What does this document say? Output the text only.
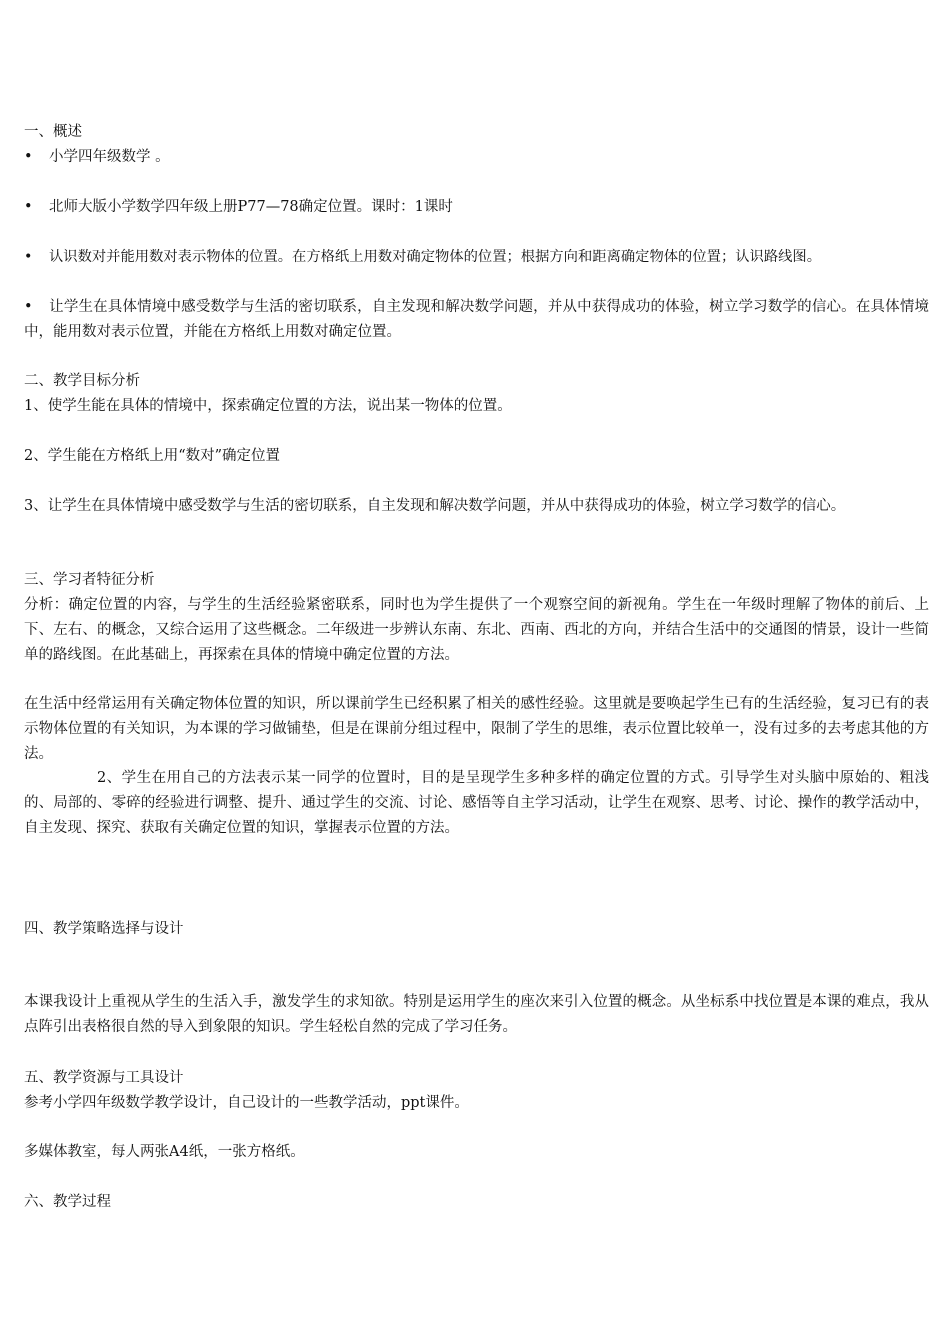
一、概述

• 小学四年级数学 。

• 北师大版小学数学四年级上册P77—78确定位置。课时：1课时

• 认识数对并能用数对表示物体的位置。在方格纸上用数对确定物体的位置；根据方向和距离确定物体的位置；认识路线图。

• 让学生在具体情境中感受数学与生活的密切联系，自主发现和解决数学问题，并从中获得成功的体验，树立学习数学的信心。在具体情境中，能用数对表示位置，并能在方格纸上用数对确定位置。

二、教学目标分析

1、使学生能在具体的情境中，探索确定位置的方法，说出某一物体的位置。

2、学生能在方格纸上用“数对”确定位置

3、让学生在具体情境中感受数学与生活的密切联系，自主发现和解决数学问题，并从中获得成功的体验，树立学习数学的信心。

三、学习者特征分析

分析：确定位置的内容，与学生的生活经验紧密联系，同时也为学生提供了一个观察空间的新视角。学生在一年级时理解了物体的前后、上下、左右、的概念，又综合运用了这些概念。二年级进一步辨认东南、东北、西南、西北的方向，并结合生活中的交通图的情景，设计一些简单的路线图。在此基础上，再探索在具体的情境中确定位置的方法。

在生活中经常运用有关确定物体位置的知识，所以课前学生已经积累了相关的感性经验。这里就是要唤起学生已有的生活经验，复习已有的表示物体位置的有关知识，为本课的学习做铺垫，但是在课前分组过程中，限制了学生的思维，表示位置比较单一，没有过多的去考虑其他的方法。

2、学生在用自己的方法表示某一同学的位置时，目的是呈现学生多种多样的确定位置的方式。引导学生对头脑中原始的、粗浅的、局部的、零碎的经验进行调整、提升、通过学生的交流、讨论、感悟等自主学习活动，让学生在观察、思考、讨论、操作的教学活动中，自主发现、探究、获取有关确定位置的知识，掌握表示位置的方法。

四、教学策略选择与设计

本课我设计上重视从学生的生活入手，激发学生的求知欲。特别是运用学生的座次来引入位置的概念。从坐标系中找位置是本课的难点，我从点阵引出表格很自然的导入到象限的知识。学生轻松自然的完成了学习任务。

五、教学资源与工具设计

参考小学四年级数学教学设计，自己设计的一些教学活动，ppt课件。

多媒体教室，每人两张A4纸，一张方格纸。

六、教学过程
